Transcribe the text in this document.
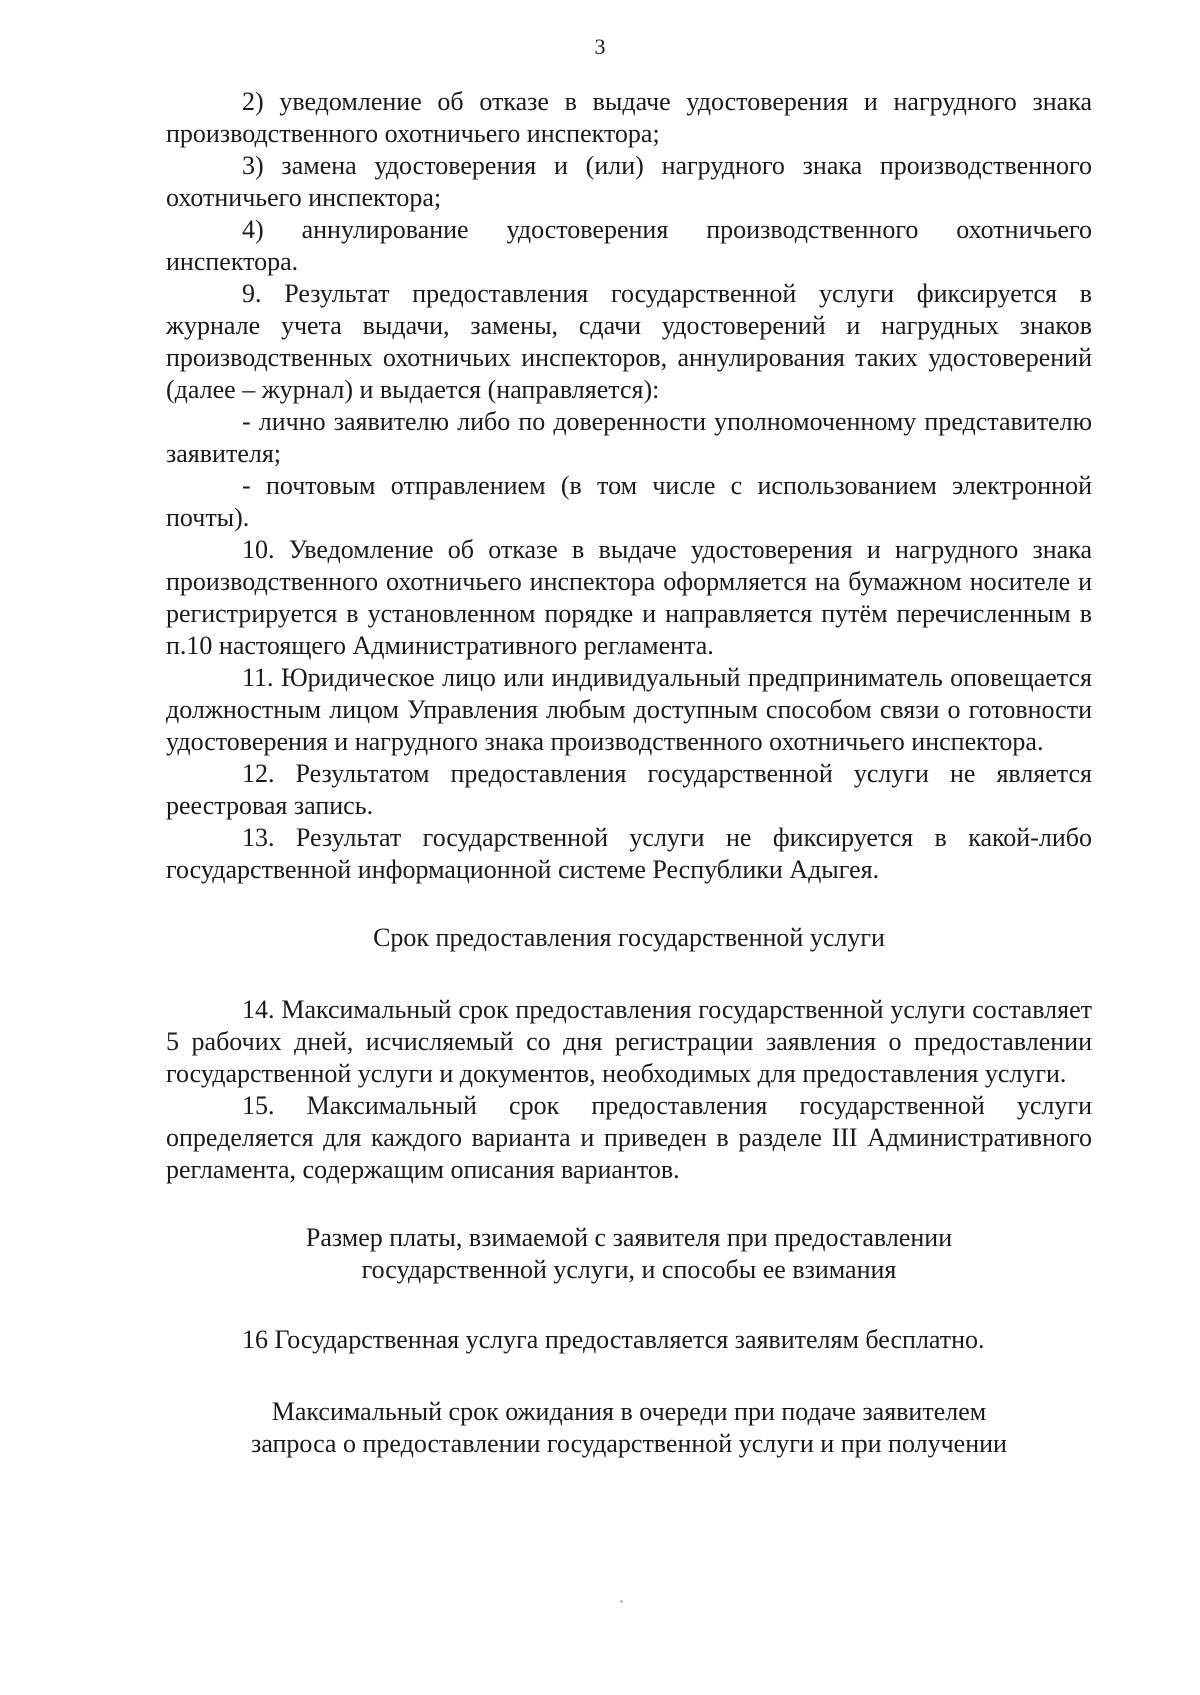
3

2) уведомление об отказе в выдаче удостоверения и нагрудного знака производственного охотничьего инспектора;

3) замена удостоверения и (или) нагрудного знака производственного охотничьего инспектора;

4) аннулирование удостоверения производственного охотничьего инспектора.

9. Результат предоставления государственной услуги фиксируется в журнале учета выдачи, замены, сдачи удостоверений и нагрудных знаков производственных охотничьих инспекторов, аннулирования таких удостоверений (далее – журнал) и выдается (направляется):

- лично заявителю либо по доверенности уполномоченному представителю заявителя;

- почтовым отправлением (в том числе с использованием электронной почты).

10. Уведомление об отказе в выдаче удостоверения и нагрудного знака производственного охотничьего инспектора оформляется на бумажном носителе и регистрируется в установленном порядке и направляется путём перечисленным в п.10 настоящего Административного регламента.

11. Юридическое лицо или индивидуальный предприниматель оповещается должностным лицом Управления любым доступным способом связи о готовности удостоверения и нагрудного знака производственного охотничьего инспектора.

12. Результатом предоставления государственной услуги не является реестровая запись.

13. Результат государственной услуги не фиксируется в какой-либо государственной информационной системе Республики Адыгея.

Срок предоставления государственной услуги

14. Максимальный срок предоставления государственной услуги составляет 5 рабочих дней, исчисляемый со дня регистрации заявления о предоставлении государственной услуги и документов, необходимых для предоставления услуги.

15. Максимальный срок предоставления государственной услуги определяется для каждого варианта и приведен в разделе III Административного регламента, содержащим описания вариантов.

Размер платы, взимаемой с заявителя при предоставлении
государственной услуги, и способы ее взимания

16 Государственная услуга предоставляется заявителям бесплатно.

Максимальный срок ожидания в очереди при подаче заявителем
запроса о предоставлении государственной услуги и при получении
